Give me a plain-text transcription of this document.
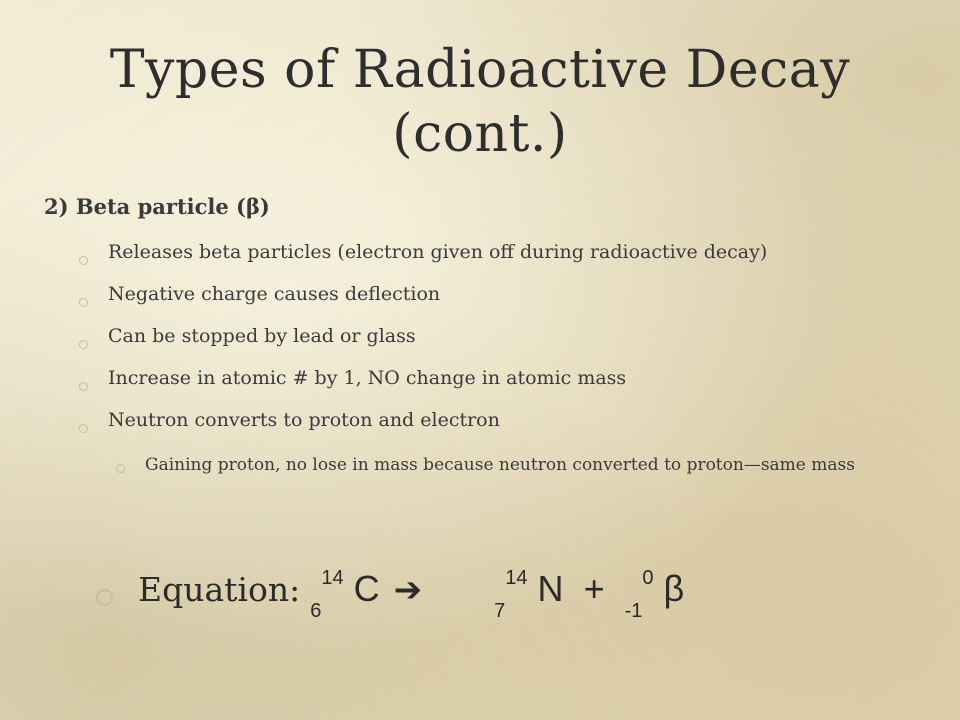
Types of Radioactive Decay
(cont.)
2) Beta particle (β)
Releases beta particles (electron given off during radioactive decay)
Negative charge causes deflection
Can be stopped by lead or glass
Increase in atomic # by 1, NO change in atomic mass
Neutron converts to proton and electron
Gaining proton, no lose in mass because neutron converted to proton—same mass
Equation: $_6^{14}$ C ➔  $_7^{14}$ N +  $_{-1}^0$ β
